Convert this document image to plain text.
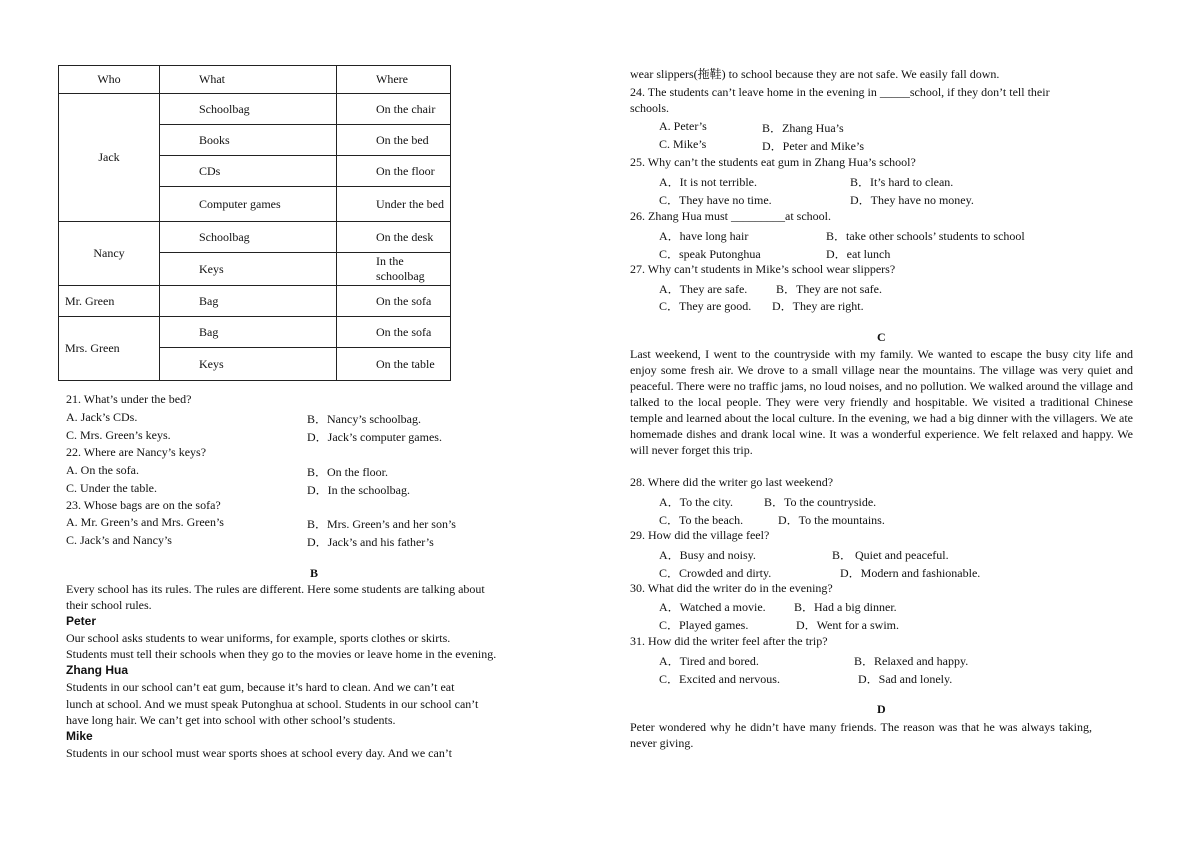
Who	What	Where
Jack	Schoolbag	On the chair
	Books	On the bed
	CDs	On the floor
	Computer games	Under the bed
Nancy	Schoolbag	On the desk
	Keys	In the schoolbag
Mr. Green	Bag	On the sofa
Mrs. Green	Bag	On the sofa
	Keys	On the table
21. What’s under the bed?
A. Jack’s CDs.	B．Nancy’s schoolbag.
C. Mrs. Green’s keys.	D．Jack’s computer games.
22. Where are Nancy’s keys?
A. On the sofa.	B．On the floor.
C. Under the table.	D．In the schoolbag.
23. Whose bags are on the sofa?
A. Mr. Green’s and Mrs. Green’s	B．Mrs. Green’s and her son’s
C. Jack’s and Nancy’s	D．Jack’s and his father’s
B
Every school has its rules. The rules are different. Here some students are talking about
their school rules.
Peter
Our school asks students to wear uniforms, for example, sports clothes or skirts.
Students must tell their schools when they go to the movies or leave home in the evening.
Zhang Hua
Students in our school can’t eat gum, because it’s hard to clean. And we can’t eat
lunch at school. And we must speak Putonghua at school. Students in our school can’t
have long hair. We can’t get into school with other school’s students.
Mike
Students in our school must wear sports shoes at school every day. And we can’t
wear slippers(拖鞋) to school because they are not safe. We easily fall down.
24. The students can’t leave home in the evening in _____school, if they don’t tell their
schools.
A. Peter’s	B．Zhang Hua’s
C. Mike’s	D．Peter and Mike’s
25. Why can’t the students eat gum in Zhang Hua’s school?
A．It is not terrible.	B．It’s hard to clean.
C．They have no time.	D．They have no money.
26. Zhang Hua must _________at school.
A．have long hair	B．take other schools’ students to school
C．speak Putonghua	D．eat lunch
27. Why can’t students in Mike’s school wear slippers?
A．They are safe. B．They are not safe.
C．They are good. D．They are right.
C
Last weekend, I went to the countryside with my family. We wanted to escape the busy city life and enjoy some fresh air. We drove to a small village near the mountains. The village was very quiet and peaceful. There were no traffic jams, no loud noises, and no pollution. We walked around the village and talked to the local people. They were very friendly and hospitable. We visited a traditional Chinese temple and learned about the local culture. In the evening, we had a big dinner with the villagers. We ate homemade dishes and drank local wine. It was a wonderful experience. We felt relaxed and happy. We will never forget this trip.
28. Where did the writer go last weekend?
A．To the city.	B．To the countryside.
C．To the beach.	D．To the mountains.
29. How did the village feel?
A．Busy and noisy.	B． Quiet and peaceful.
C．Crowded and dirty.	D．Modern and fashionable.
30. What did the writer do in the evening?
A．Watched a movie. B．Had a big dinner.
C．Played games.	D．Went for a swim.
31. How did the writer feel after the trip?
A．Tired and bored.	B．Relaxed and happy.
C．Excited and nervous.	D．Sad and lonely.
D
Peter wondered why he didn’t have many friends. The reason was that he was always taking, never giving.
